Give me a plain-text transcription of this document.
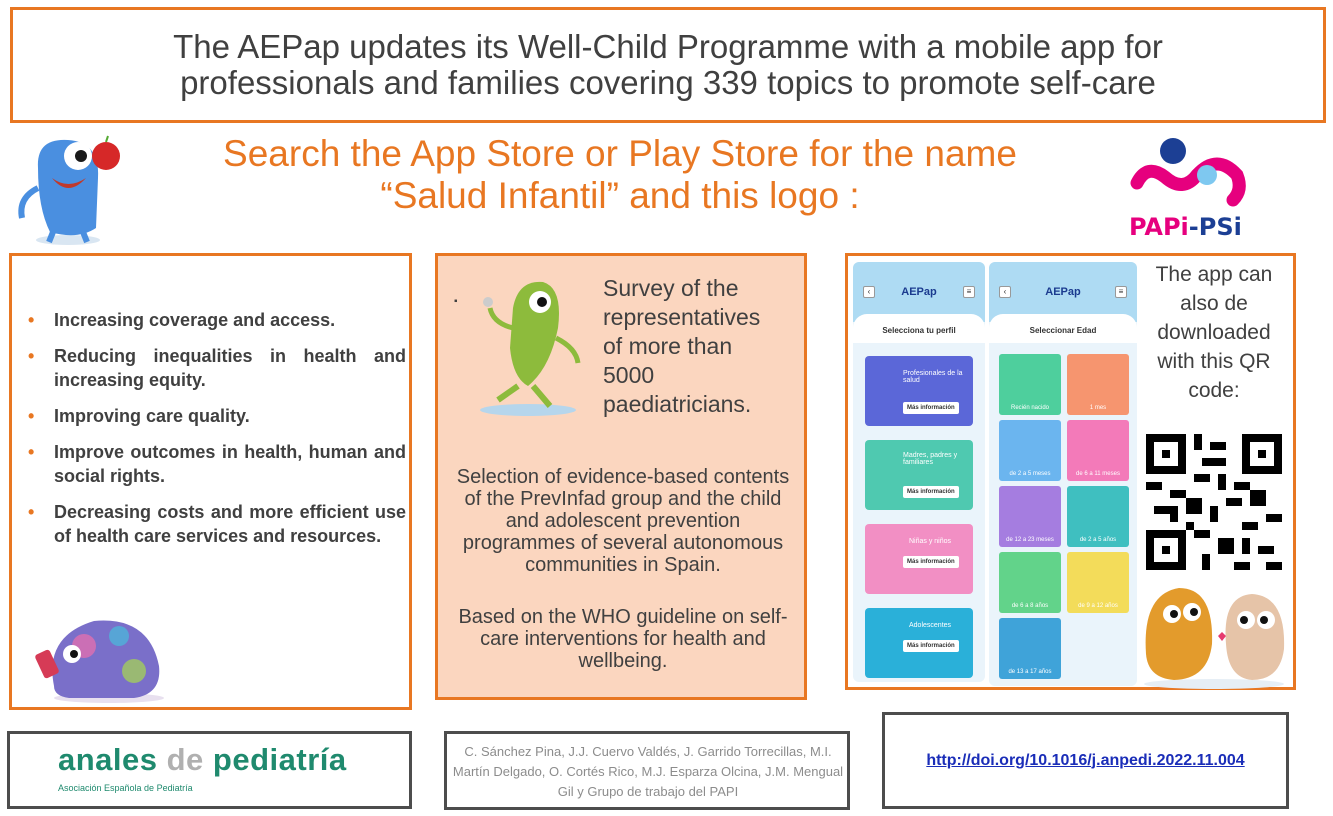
The AEPap updates its Well-Child Programme with a mobile app for
professionals and families covering 339 topics to promote self-care
Search the App Store or Play Store for the name
“Salud Infantil” and this logo :
PAPi-PSi
• Increasing coverage and access.
• Reducing inequalities in health and increasing equity.
• Improving care quality.
• Improve outcomes in health, human and social rights.
• Decreasing costs and more efficient use of health care services and resources.
▪
Survey of the representatives of more than 5000 paediatricians.
Selection of evidence-based contents of the PrevInfad group and the child and adolescent prevention programmes of several autonomous communities in Spain.
Based on the WHO guideline on self-care interventions for health and wellbeing.
‹	AEPap	≡
Selecciona tu perfil
Profesionales de la salud
Más información
Madres, padres y familiares
Más información
Niñas y niños
Más información
Adolescentes
Más información
‹	AEPap	≡
Seleccionar Edad
Recién nacido	1 mes
de 2 a 5 meses	de 6 a 11 meses
de 12 a 23 meses	de 2 a 5 años
de 6 a 8 años	de 9 a 12 años
de 13 a 17 años
The app can also de downloaded with this QR code:
anales de pediatría
Asociación Española de Pediatría
C. Sánchez Pina, J.J. Cuervo Valdés, J. Garrido Torrecillas, M.I. Martín Delgado, O. Cortés Rico, M.J. Esparza Olcina, J.M. Mengual Gil y Grupo de trabajo del PAPI
http://doi.org/10.1016/j.anpedi.2022.11.004
